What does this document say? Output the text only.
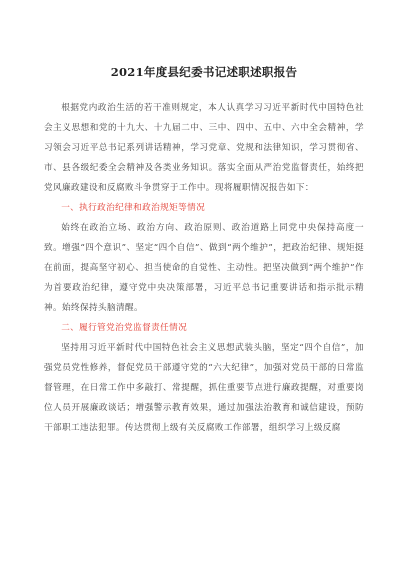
2021年度县纪委书记述职述职报告

根据党内政治生活的若干准则规定，本人认真学习习近平新时代中国特色社会主义思想和党的十九大、十九届二中、三中、四中、五中、六中全会精神，学习领会习近平总书记系列讲话精神，学习党章、党规和法律知识，学习贯彻省、市、县各级纪委全会精神及各类业务知识。落实全面从严治党监督责任，始终把党风廉政建设和反腐败斗争贯穿于工作中。现将履职情况报告如下：

一、执行政治纪律和政治规矩等情况

始终在政治立场、政治方向、政治原则、政治道路上同党中央保持高度一致。增强“四个意识”、坚定“四个自信”、做到“两个维护”，把政治纪律、规矩挺在前面，提高坚守初心、担当使命的自觉性、主动性。把坚决做到“两个维护”作为首要政治纪律，遵守党中央决策部署，习近平总书记重要讲话和指示批示精神。始终保持头脑清醒。

二、履行管党治党监督责任情况

坚持用习近平新时代中国特色社会主义思想武装头脑，坚定“四个自信”，加强党员党性修养，督促党员干部遵守党的“六大纪律”，加强对党员干部的日常监督管理，在日常工作中多敲打、常提醒，抓住重要节点进行廉政提醒，对重要岗位人员开展廉政谈话；增强警示教育效果，通过加强法治教育和诚信建设，预防干部职工违法犯罪。传达贯彻上级有关反腐败工作部署，组织学习上级反腐
